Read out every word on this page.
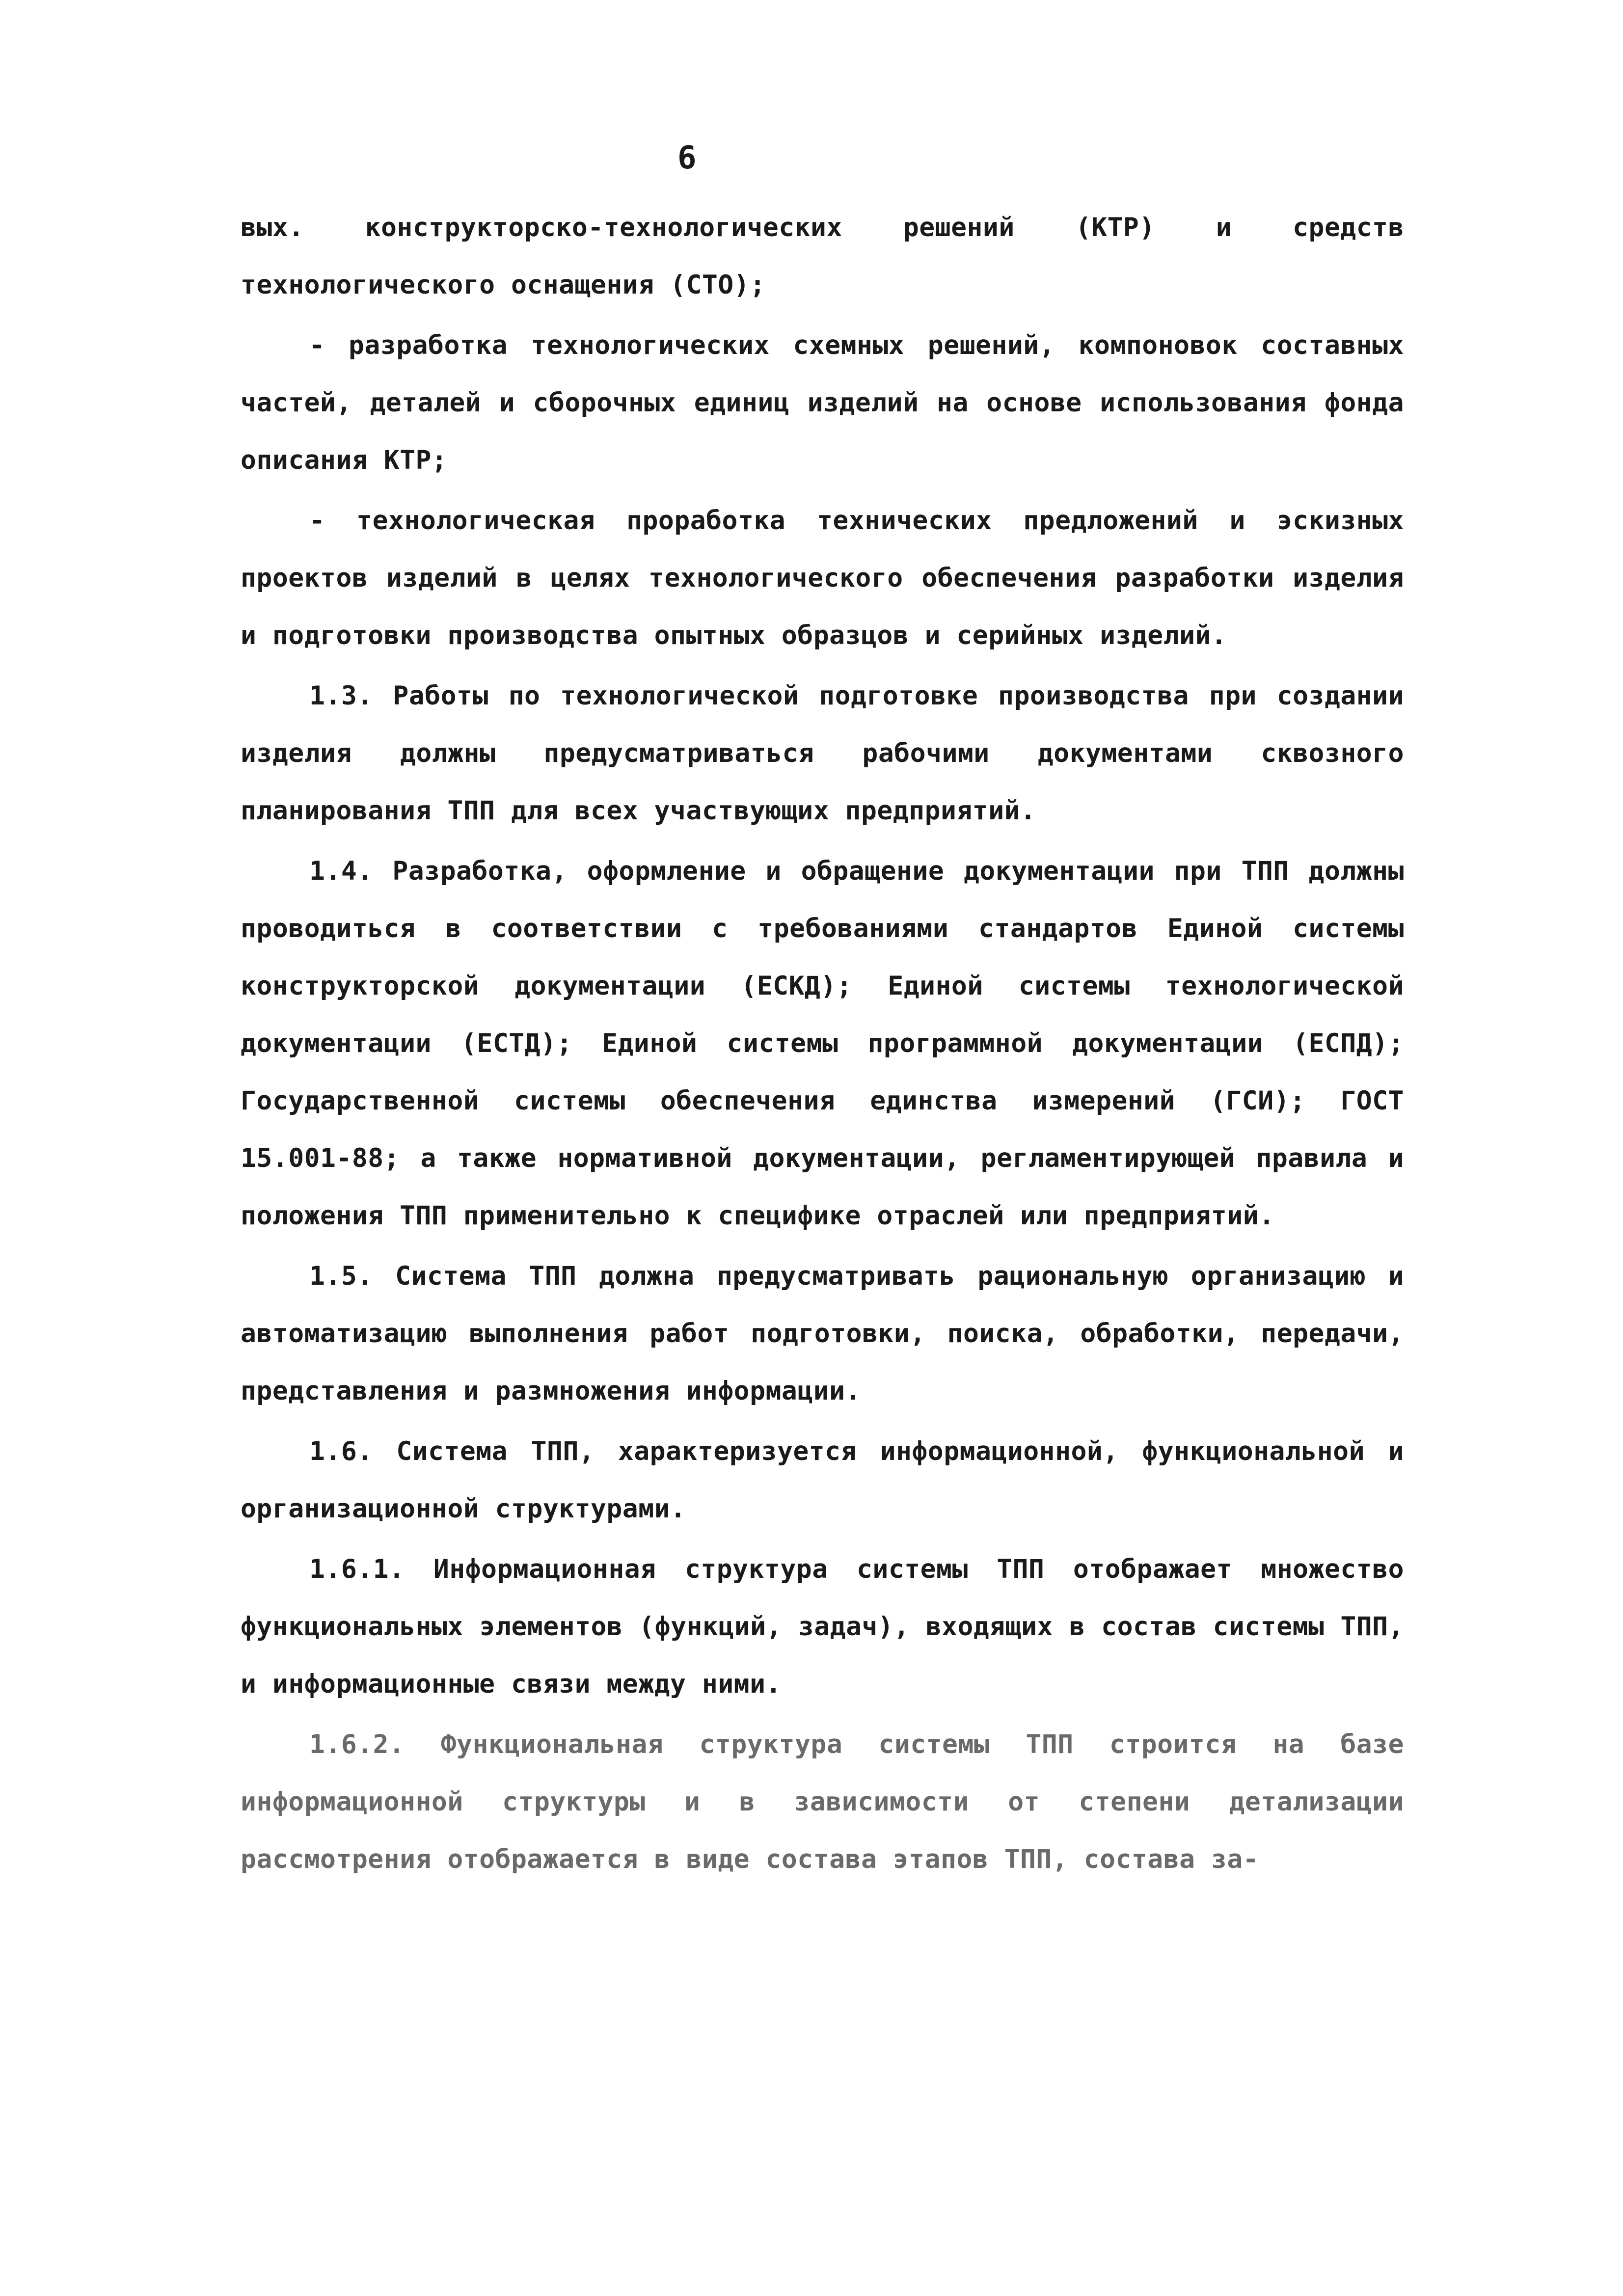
6

вых. конструкторско-технологических решений (КТР) и средств технологического оснащения (СТО);

- разработка технологических схемных решений, компоновок составных частей, деталей и сборочных единиц изделий на основе использования фонда описания КТР;

- технологическая проработка технических предложений и эскизных проектов изделий в целях технологического обеспечения разработки изделия и подготовки производства опытных образцов и серийных изделий.

1.3. Работы по технологической подготовке производства при создании изделия должны предусматриваться рабочими документами сквозного планирования ТПП для всех участвующих предприятий.

1.4. Разработка, оформление и обращение документации при ТПП должны проводиться в соответствии с требованиями стандартов Единой системы конструкторской документации (ЕСКД); Единой системы технологической документации (ЕСТД); Единой системы программной документации (ЕСПД); Государственной системы обеспечения единства измерений (ГСИ); ГОСТ 15.001-88; а также нормативной документации, регламентирующей правила и положения ТПП применительно к специфике отраслей или предприятий.

1.5. Система ТПП должна предусматривать рациональную организацию и автоматизацию выполнения работ подготовки, поиска, обработки, передачи, представления и размножения информации.

1.6. Система ТПП, характеризуется информационной, функциональной и организационной структурами.

1.6.1. Информационная структура системы ТПП отображает множество функциональных элементов (функций, задач), входящих в состав системы ТПП, и информационные связи между ними.

1.6.2. Функциональная структура системы ТПП строится на базе информационной структуры и в зависимости от степени детализации рассмотрения отображается в виде состава этапов ТПП, состава за-
